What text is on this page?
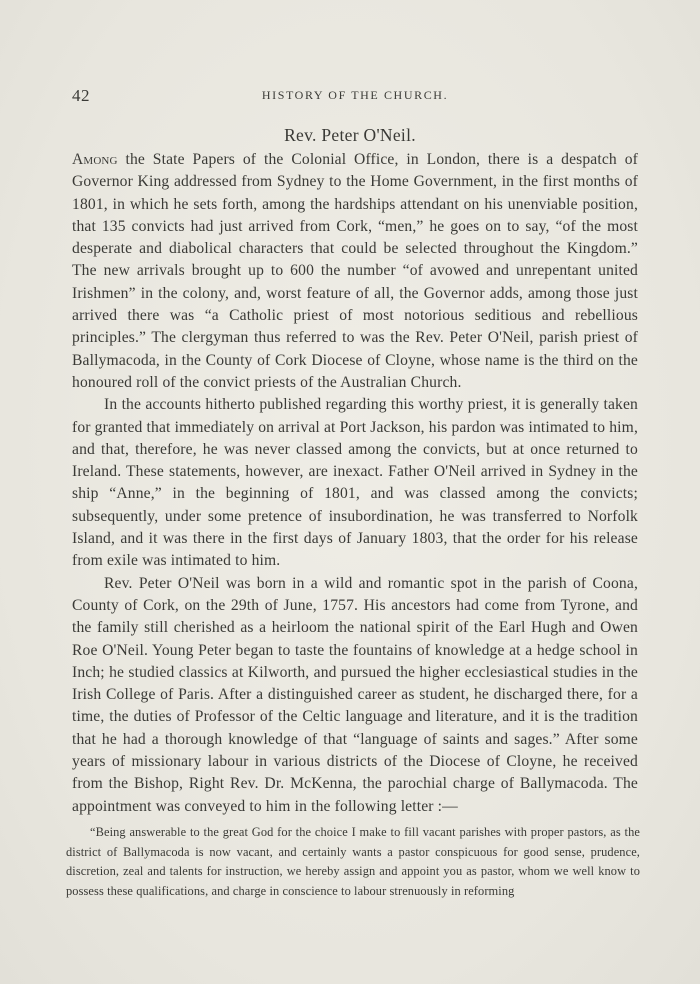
42	HISTORY OF THE CHURCH.
Rev. Peter O'Neil.

Among the State Papers of the Colonial Office, in London, there is a despatch of Governor King addressed from Sydney to the Home Government, in the first months of 1801, in which he sets forth, among the hardships attendant on his unenviable position, that 135 convicts had just arrived from Cork, “men,” he goes on to say, “of the most desperate and diabolical characters that could be selected throughout the Kingdom.” The new arrivals brought up to 600 the number “of avowed and unrepentant united Irishmen” in the colony, and, worst feature of all, the Governor adds, among those just arrived there was “a Catholic priest of most notorious seditious and rebellious principles.” The clergyman thus referred to was the Rev. Peter O'Neil, parish priest of Ballymacoda, in the County of Cork Diocese of Cloyne, whose name is the third on the honoured roll of the convict priests of the Australian Church.

In the accounts hitherto published regarding this worthy priest, it is generally taken for granted that immediately on arrival at Port Jackson, his pardon was intimated to him, and that, therefore, he was never classed among the convicts, but at once returned to Ireland. These statements, however, are inexact. Father O'Neil arrived in Sydney in the ship “Anne,” in the beginning of 1801, and was classed among the convicts; subsequently, under some pretence of insubordination, he was transferred to Norfolk Island, and it was there in the first days of January 1803, that the order for his release from exile was intimated to him.

Rev. Peter O'Neil was born in a wild and romantic spot in the parish of Coona, County of Cork, on the 29th of June, 1757. His ancestors had come from Tyrone, and the family still cherished as a heirloom the national spirit of the Earl Hugh and Owen Roe O'Neil. Young Peter began to taste the fountains of knowledge at a hedge school in Inch; he studied classics at Kilworth, and pursued the higher ecclesiastical studies in the Irish College of Paris. After a distinguished career as student, he discharged there, for a time, the duties of Professor of the Celtic language and literature, and it is the tradition that he had a thorough knowledge of that “language of saints and sages.” After some years of missionary labour in various districts of the Diocese of Cloyne, he received from the Bishop, Right Rev. Dr. McKenna, the parochial charge of Ballymacoda. The appointment was conveyed to him in the following letter :—

“Being answerable to the great God for the choice I make to fill vacant parishes with proper pastors, as the district of Ballymacoda is now vacant, and certainly wants a pastor conspicuous for good sense, prudence, discretion, zeal and talents for instruction, we hereby assign and appoint you as pastor, whom we well know to possess these qualifications, and charge in conscience to labour strenuously in reforming
